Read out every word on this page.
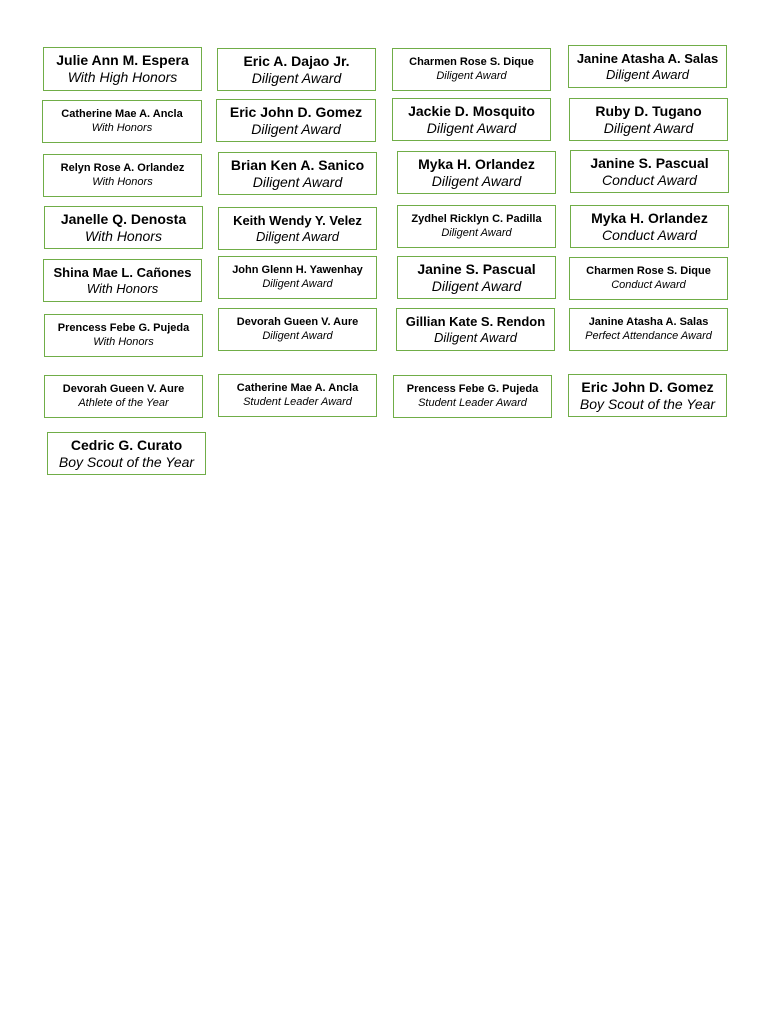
Julie Ann M. Espera
With High Honors
Eric A. Dajao Jr.
Diligent Award
Charmen Rose S. Dique
Diligent Award
Janine Atasha A. Salas
Diligent Award
Catherine Mae A. Ancla
With Honors
Eric John D. Gomez
Diligent Award
Jackie D. Mosquito
Diligent Award
Ruby D. Tugano
Diligent Award
Relyn Rose A. Orlandez
With Honors
Brian Ken A. Sanico
Diligent Award
Myka H. Orlandez
Diligent Award
Janine S. Pascual
Conduct Award
Janelle Q. Denosta
With Honors
Keith Wendy Y. Velez
Diligent Award
Zydhel Ricklyn C. Padilla
Diligent Award
Myka H. Orlandez
Conduct Award
Shina Mae L. Cañones
With Honors
John Glenn H. Yawenhay
Diligent Award
Janine S. Pascual
Diligent Award
Charmen Rose S. Dique
Conduct Award
Prencess Febe G. Pujeda
With Honors
Devorah Gueen V. Aure
Diligent Award
Gillian Kate S. Rendon
Diligent Award
Janine Atasha A. Salas
Perfect Attendance Award
Devorah Gueen V. Aure
Athlete of the Year
Catherine Mae A. Ancla
Student Leader Award
Prencess Febe G. Pujeda
Student Leader Award
Eric John D. Gomez
Boy Scout of the Year
Cedric G. Curato
Boy Scout of the Year
